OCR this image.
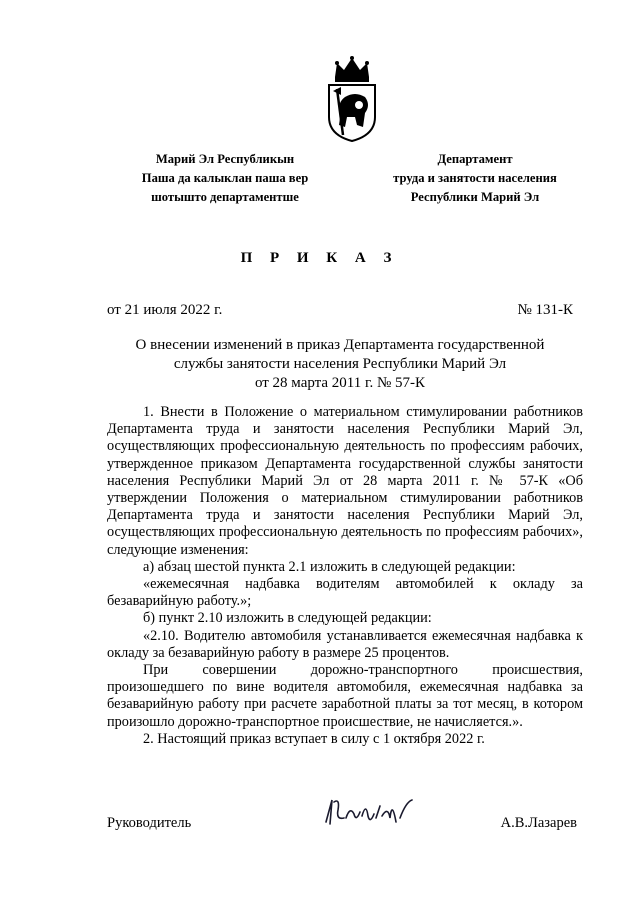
Марий Эл Республикын
Паша да калыклан паша вер
шотышто департаментше
Департамент
труда и занятости населения
Республики Марий Эл
П Р И К А З
от 21 июля 2022 г.	№ 131-К
О внесении изменений в приказ Департамента государственной
службы занятости населения Республики Марий Эл
от 28 марта 2011 г. № 57-К

1. Внести в Положение о материальном стимулировании работников Департамента труда и занятости населения Республики Марий Эл, осуществляющих профессиональную деятельность по профессиям рабочих, утвержденное приказом Департамента государственной службы занятости населения Республики Марий Эл от 28 марта 2011 г. № 57-К «Об утверждении Положения о материальном стимулировании работников Департамента труда и занятости населения Республики Марий Эл, осуществляющих профессиональную деятельность по профессиям рабочих», следующие изменения:

а) абзац шестой пункта 2.1 изложить в следующей редакции:

«ежемесячная надбавка водителям автомобилей к окладу за безаварийную работу.»;

б) пункт 2.10 изложить в следующей редакции:

«2.10. Водителю автомобиля устанавливается ежемесячная надбавка к окладу за безаварийную работу в размере 25 процентов.

При совершении дорожно-транспортного происшествия, произошедшего по вине водителя автомобиля, ежемесячная надбавка за безаварийную работу при расчете заработной платы за тот месяц, в котором произошло дорожно-транспортное происшествие, не начисляется.».

2. Настоящий приказ вступает в силу с 1 октября 2022 г.

Руководитель	А.В.Лазарев
